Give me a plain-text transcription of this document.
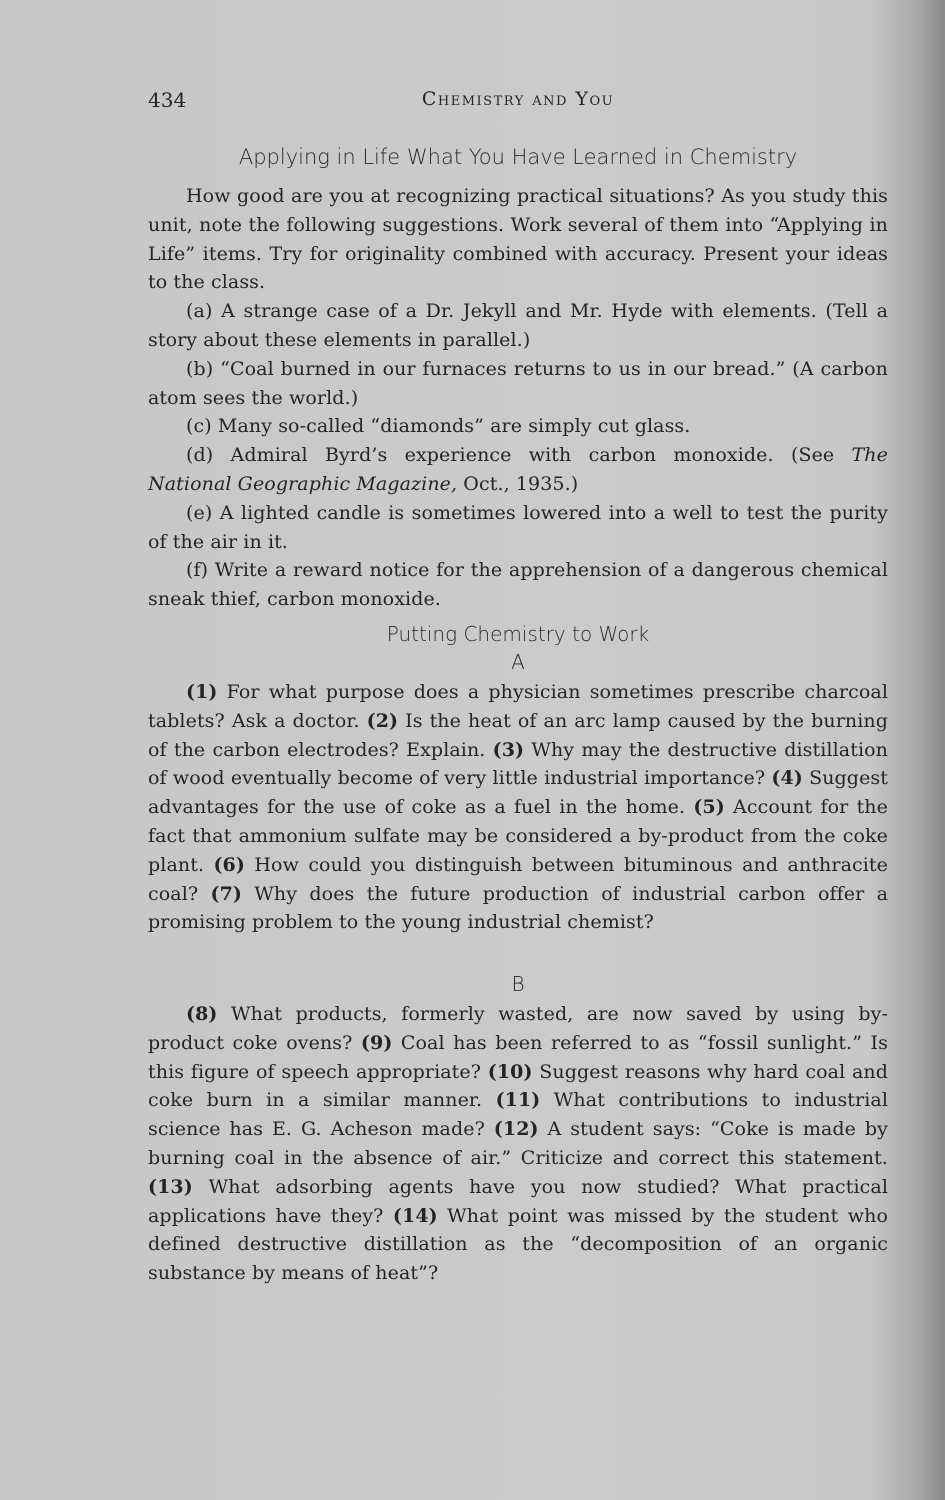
434	Chemistry and You
Applying in Life What You Have Learned in Chemistry

How good are you at recognizing practical situations? As you study this unit, note the following suggestions. Work several of them into “Applying in Life” items. Try for originality combined with accuracy. Present your ideas to the class.

(a) A strange case of a Dr. Jekyll and Mr. Hyde with elements. (Tell a story about these elements in parallel.)

(b) “Coal burned in our furnaces returns to us in our bread.” (A carbon atom sees the world.)

(c) Many so-called “diamonds” are simply cut glass.

(d) Admiral Byrd’s experience with carbon monoxide. (See The National Geographic Magazine, Oct., 1935.)

(e) A lighted candle is sometimes lowered into a well to test the purity of the air in it.

(f) Write a reward notice for the apprehension of a dangerous chemical sneak thief, carbon monoxide.

Putting Chemistry to Work
A

(1) For what purpose does a physician sometimes prescribe charcoal tablets? Ask a doctor. (2) Is the heat of an arc lamp caused by the burning of the carbon electrodes? Explain. (3) Why may the destructive distillation of wood eventually become of very little industrial importance? (4) Suggest advantages for the use of coke as a fuel in the home. (5) Account for the fact that ammonium sulfate may be considered a by-product from the coke plant. (6) How could you distinguish between bituminous and anthracite coal? (7) Why does the future production of industrial carbon offer a promising problem to the young industrial chemist?

B

(8) What products, formerly wasted, are now saved by using by-product coke ovens? (9) Coal has been referred to as “fossil sunlight.” Is this figure of speech appropriate? (10) Suggest reasons why hard coal and coke burn in a similar manner. (11) What contributions to industrial science has E. G. Acheson made? (12) A student says: “Coke is made by burning coal in the absence of air.” Criticize and correct this statement. (13) What adsorbing agents have you now studied? What practical applications have they? (14) What point was missed by the student who defined destructive distillation as the “decomposition of an organic substance by means of heat”?
